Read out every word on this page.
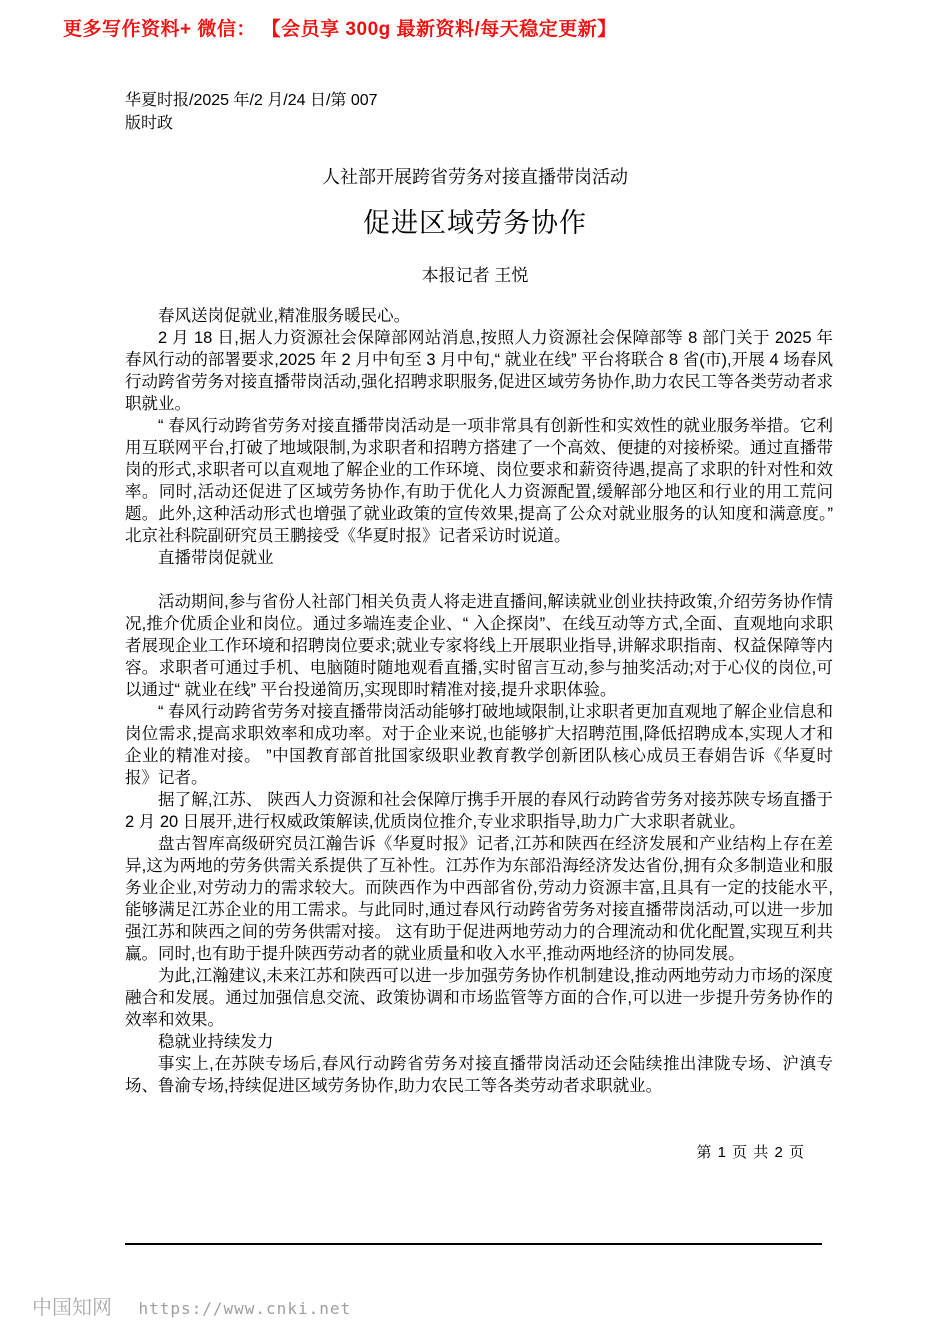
更多写作资料+ 微信： 【会员享 300g 最新资料/每天稳定更新】
华夏时报/2025 年/2 月/24 日/第 007
版时政
人社部开展跨省劳务对接直播带岗活动
促进区域劳务协作
本报记者 王悦

春风送岗促就业,精准服务暖民心。

2 月 18 日,据人力资源社会保障部网站消息,按照人力资源社会保障部等 8 部门关于 2025 年春风行动的部署要求,2025 年 2 月中旬至 3 月中旬,“ 就业在线” 平台将联合 8 省(市),开展 4 场春风行动跨省劳务对接直播带岗活动,强化招聘求职服务,促进区域劳务协作,助力农民工等各类劳动者求职就业。

“ 春风行动跨省劳务对接直播带岗活动是一项非常具有创新性和实效性的就业服务举措。它利用互联网平台,打破了地域限制,为求职者和招聘方搭建了一个高效、便捷的对接桥梁。通过直播带岗的形式,求职者可以直观地了解企业的工作环境、岗位要求和薪资待遇,提高了求职的针对性和效率。同时,活动还促进了区域劳务协作,有助于优化人力资源配置,缓解部分地区和行业的用工荒问题。此外,这种活动形式也增强了就业政策的宣传效果,提高了公众对就业服务的认知度和满意度。” 北京社科院副研究员王鹏接受《华夏时报》记者采访时说道。

直播带岗促就业

活动期间,参与省份人社部门相关负责人将走进直播间,解读就业创业扶持政策,介绍劳务协作情况,推介优质企业和岗位。通过多端连麦企业、“ 入企探岗”、在线互动等方式,全面、直观地向求职者展现企业工作环境和招聘岗位要求;就业专家将线上开展职业指导,讲解求职指南、权益保障等内容。求职者可通过手机、电脑随时随地观看直播,实时留言互动,参与抽奖活动;对于心仪的岗位,可以通过“ 就业在线” 平台投递简历,实现即时精准对接,提升求职体验。

“ 春风行动跨省劳务对接直播带岗活动能够打破地域限制,让求职者更加直观地了解企业信息和岗位需求,提高求职效率和成功率。对于企业来说,也能够扩大招聘范围,降低招聘成本,实现人才和企业的精准对接。 ”中国教育部首批国家级职业教育教学创新团队核心成员王春娟告诉《华夏时报》记者。

据了解,江苏、 陕西人力资源和社会保障厅携手开展的春风行动跨省劳务对接苏陕专场直播于 2 月 20 日展开,进行权威政策解读,优质岗位推介,专业求职指导,助力广大求职者就业。

盘古智库高级研究员江瀚告诉《华夏时报》记者,江苏和陕西在经济发展和产业结构上存在差异,这为两地的劳务供需关系提供了互补性。江苏作为东部沿海经济发达省份,拥有众多制造业和服务业企业,对劳动力的需求较大。而陕西作为中西部省份,劳动力资源丰富,且具有一定的技能水平,能够满足江苏企业的用工需求。与此同时,通过春风行动跨省劳务对接直播带岗活动,可以进一步加强江苏和陕西之间的劳务供需对接。 这有助于促进两地劳动力的合理流动和优化配置,实现互利共赢。同时,也有助于提升陕西劳动者的就业质量和收入水平,推动两地经济的协同发展。

为此,江瀚建议,未来江苏和陕西可以进一步加强劳务协作机制建设,推动两地劳动力市场的深度融合和发展。通过加强信息交流、政策协调和市场监管等方面的合作,可以进一步提升劳务协作的效率和效果。

稳就业持续发力

事实上,在苏陕专场后,春风行动跨省劳务对接直播带岗活动还会陆续推出津陇专场、沪滇专场、鲁渝专场,持续促进区域劳务协作,助力农民工等各类劳动者求职就业。

第 1 页 共 2 页
中国知网 https://www.cnki.net
